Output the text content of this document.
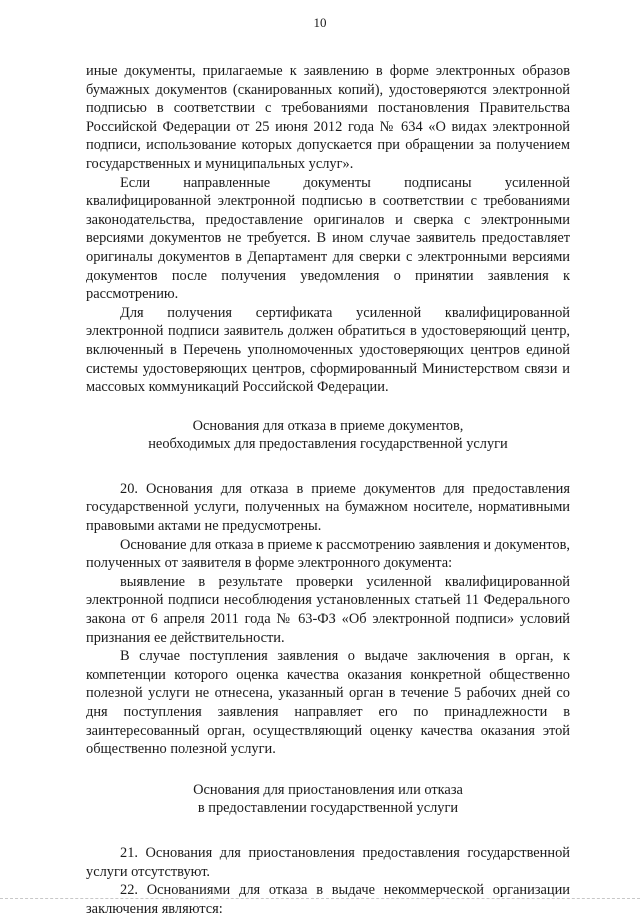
10

иные документы, прилагаемые к заявлению в форме электронных образов бумажных документов (сканированных копий), удостоверяются электронной подписью в соответствии с требованиями постановления Правительства Российской Федерации от 25 июня 2012 года № 634 «О видах электронной подписи, использование которых допускается при обращении за получением государственных и муниципальных услуг».

Если направленные документы подписаны усиленной квалифицированной электронной подписью в соответствии с требованиями законодательства, предоставление оригиналов и сверка с электронными версиями документов не требуется. В ином случае заявитель предоставляет оригиналы документов в Департамент для сверки с электронными версиями документов после получения уведомления о принятии заявления к рассмотрению.

Для получения сертификата усиленной квалифицированной электронной подписи заявитель должен обратиться в удостоверяющий центр, включенный в Перечень уполномоченных удостоверяющих центров единой системы удостоверяющих центров, сформированный Министерством связи и массовых коммуникаций Российской Федерации.

Основания для отказа в приеме документов,

необходимых для предоставления государственной услуги

20. Основания для отказа в приеме документов для предоставления государственной услуги, полученных на бумажном носителе, нормативными правовыми актами не предусмотрены.

Основание для отказа в приеме к рассмотрению заявления и документов, полученных от заявителя в форме электронного документа:

выявление в результате проверки усиленной квалифицированной электронной подписи несоблюдения установленных статьей 11 Федерального закона от 6 апреля 2011 года № 63-ФЗ «Об электронной подписи» условий признания ее действительности.

В случае поступления заявления о выдаче заключения в орган, к компетенции которого оценка качества оказания конкретной общественно полезной услуги не отнесена, указанный орган в течение 5 рабочих дней со дня поступления заявления направляет его по принадлежности в заинтересованный орган, осуществляющий оценку качества оказания этой общественно полезной услуги.

Основания для приостановления или отказа

в предоставлении государственной услуги

21. Основания для приостановления предоставления государственной услуги отсутствуют.

22. Основаниями для отказа в выдаче некоммерческой организации заключения являются:
